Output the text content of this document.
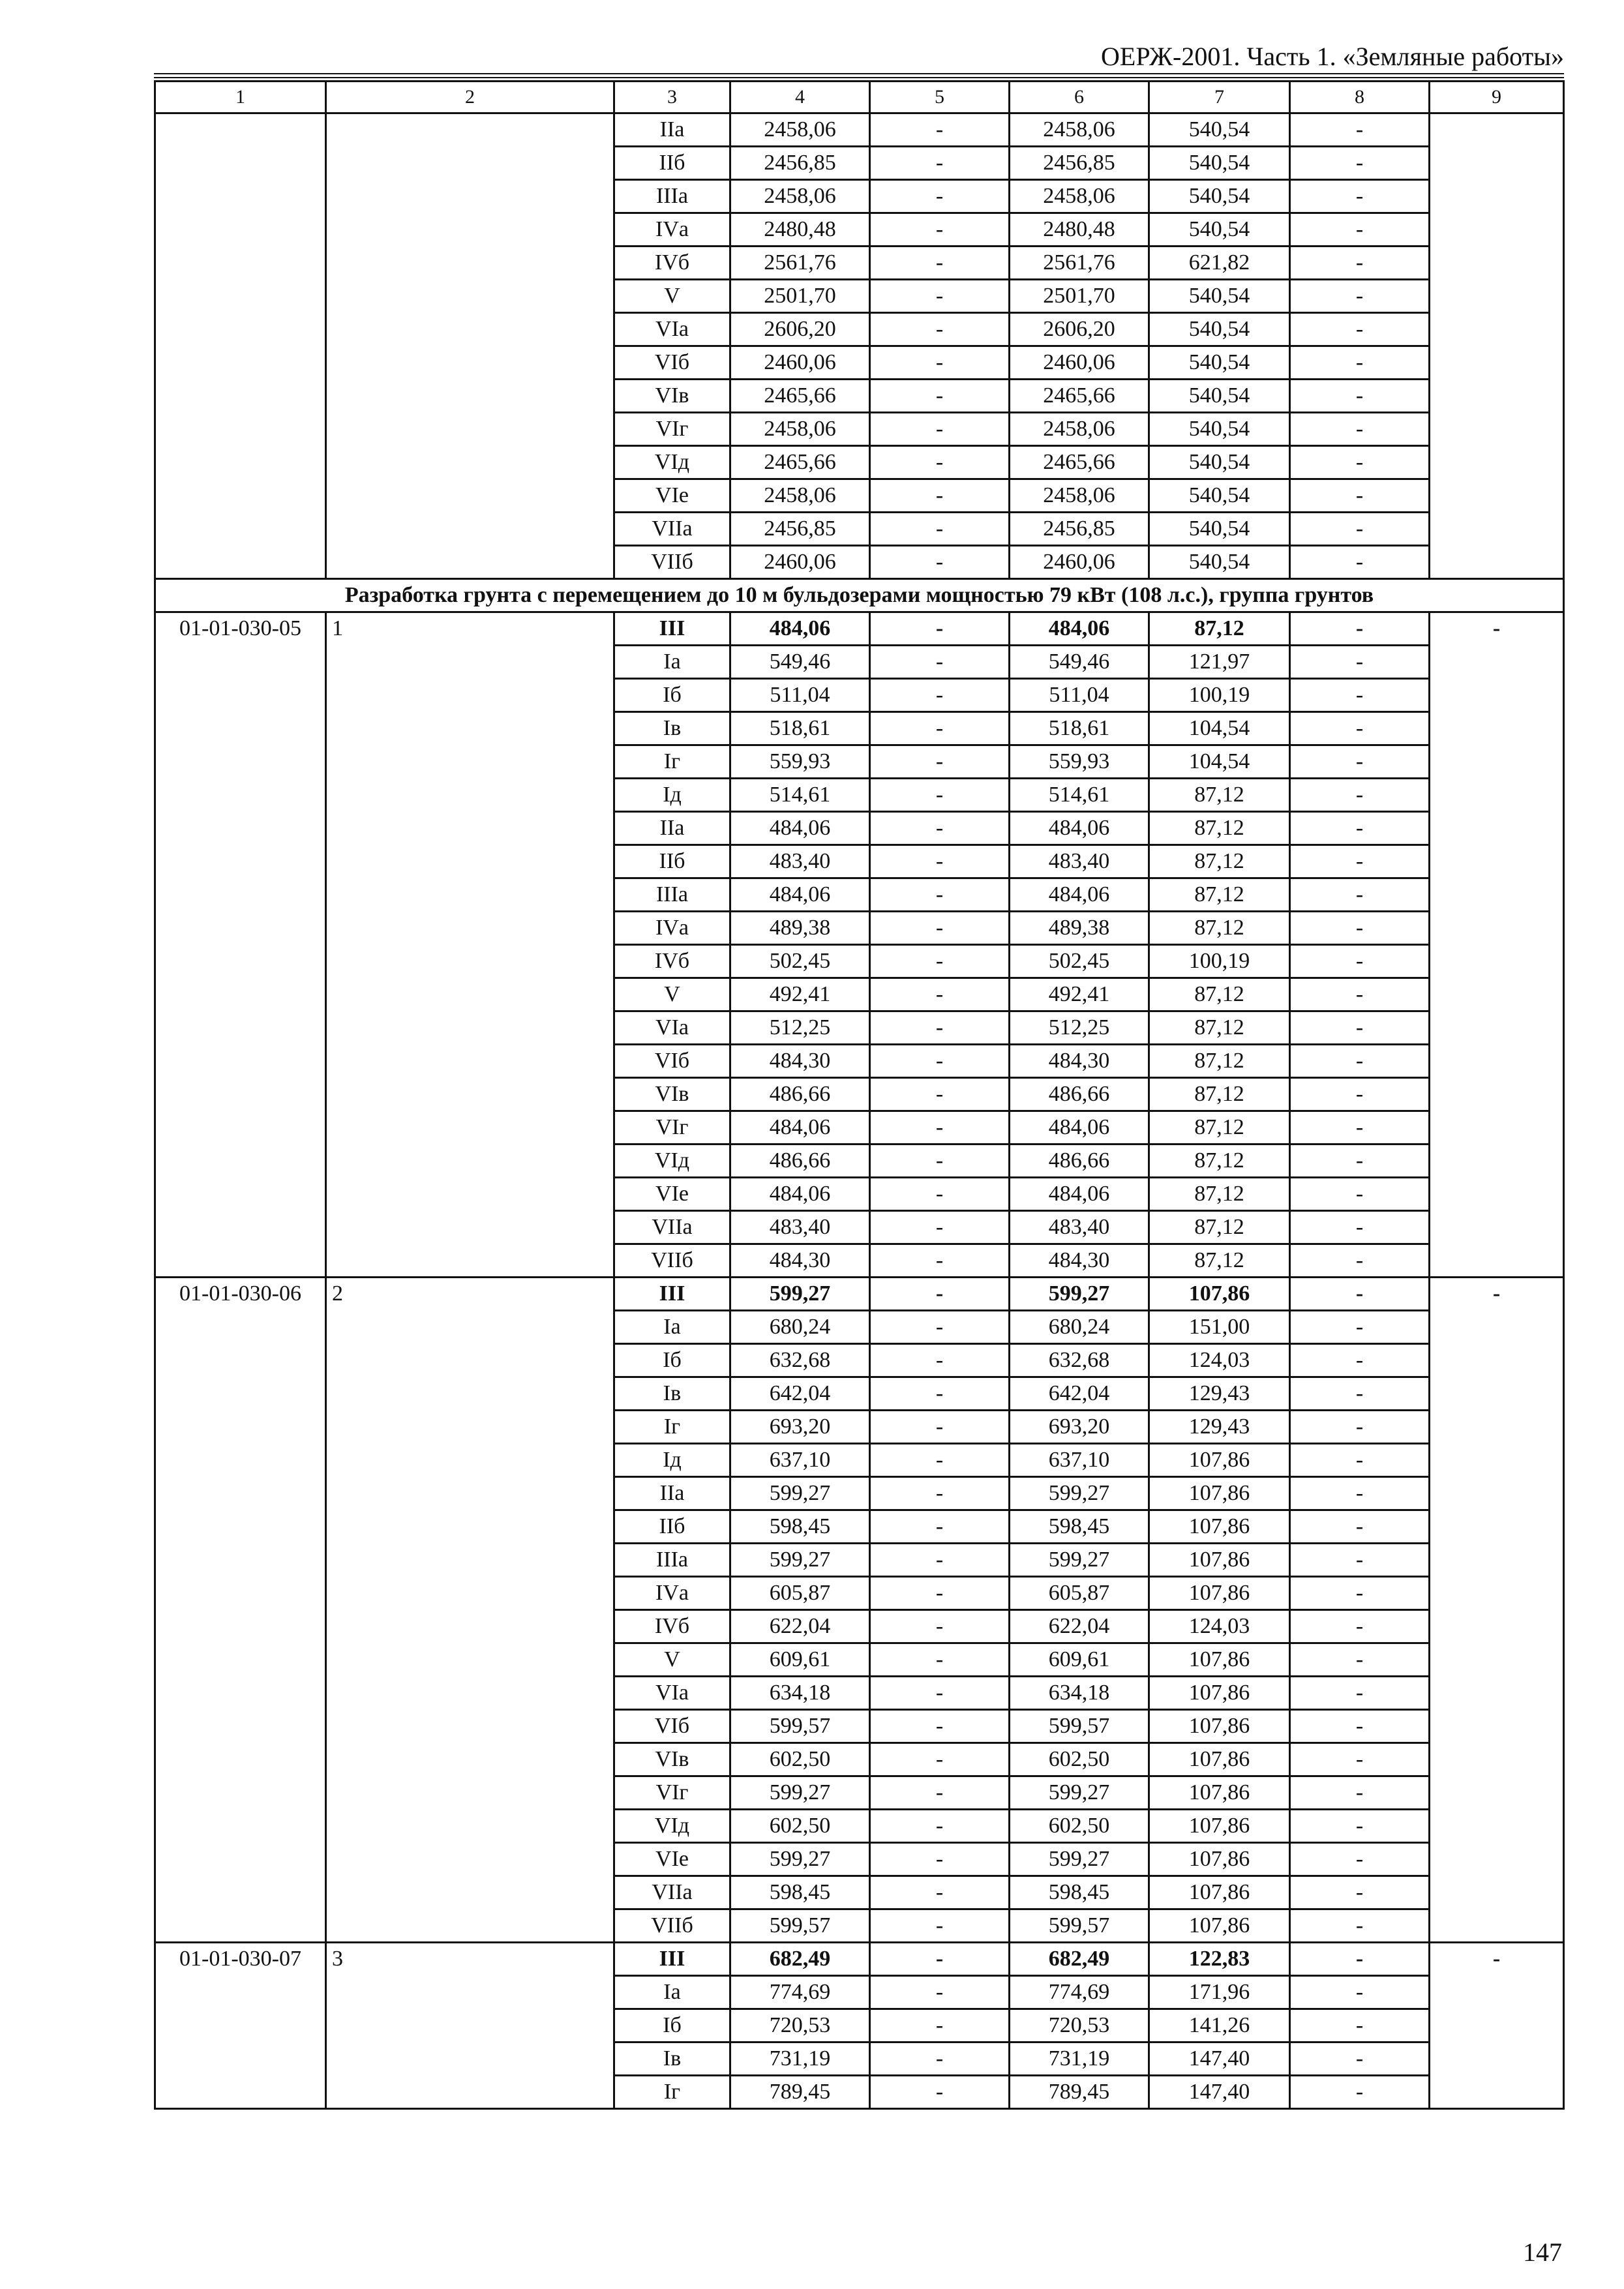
ОЕРЖ-2001. Часть 1. «Земляные работы»
1	2	3	4	5	6	7	8	9
		IIа	2458,06	-	2458,06	540,54	-	
		IIб	2456,85	-	2456,85	540,54	-	
		IIIа	2458,06	-	2458,06	540,54	-	
		IVа	2480,48	-	2480,48	540,54	-	
		IVб	2561,76	-	2561,76	621,82	-	
		V	2501,70	-	2501,70	540,54	-	
		VIа	2606,20	-	2606,20	540,54	-	
		VIб	2460,06	-	2460,06	540,54	-	
		VIв	2465,66	-	2465,66	540,54	-	
		VIг	2458,06	-	2458,06	540,54	-	
		VIд	2465,66	-	2465,66	540,54	-	
		VIе	2458,06	-	2458,06	540,54	-	
		VIIа	2456,85	-	2456,85	540,54	-	
		VIIб	2460,06	-	2460,06	540,54	-	
Разработка грунта с перемещением до 10 м бульдозерами мощностью 79 кВт (108 л.с.), группа грунтов								
01-01-030-05	1	III	484,06	-	484,06	87,12	-	-
		Iа	549,46	-	549,46	121,97	-	
		Iб	511,04	-	511,04	100,19	-	
		Iв	518,61	-	518,61	104,54	-	
		Iг	559,93	-	559,93	104,54	-	
		Iд	514,61	-	514,61	87,12	-	
		IIа	484,06	-	484,06	87,12	-	
		IIб	483,40	-	483,40	87,12	-	
		IIIа	484,06	-	484,06	87,12	-	
		IVа	489,38	-	489,38	87,12	-	
		IVб	502,45	-	502,45	100,19	-	
		V	492,41	-	492,41	87,12	-	
		VIа	512,25	-	512,25	87,12	-	
		VIб	484,30	-	484,30	87,12	-	
		VIв	486,66	-	486,66	87,12	-	
		VIг	484,06	-	484,06	87,12	-	
		VIд	486,66	-	486,66	87,12	-	
		VIе	484,06	-	484,06	87,12	-	
		VIIа	483,40	-	483,40	87,12	-	
		VIIб	484,30	-	484,30	87,12	-	
01-01-030-06	2	III	599,27	-	599,27	107,86	-	-
		Iа	680,24	-	680,24	151,00	-	
		Iб	632,68	-	632,68	124,03	-	
		Iв	642,04	-	642,04	129,43	-	
		Iг	693,20	-	693,20	129,43	-	
		Iд	637,10	-	637,10	107,86	-	
		IIа	599,27	-	599,27	107,86	-	
		IIб	598,45	-	598,45	107,86	-	
		IIIа	599,27	-	599,27	107,86	-	
		IVа	605,87	-	605,87	107,86	-	
		IVб	622,04	-	622,04	124,03	-	
		V	609,61	-	609,61	107,86	-	
		VIа	634,18	-	634,18	107,86	-	
		VIб	599,57	-	599,57	107,86	-	
		VIв	602,50	-	602,50	107,86	-	
		VIг	599,27	-	599,27	107,86	-	
		VIд	602,50	-	602,50	107,86	-	
		VIе	599,27	-	599,27	107,86	-	
		VIIа	598,45	-	598,45	107,86	-	
		VIIб	599,57	-	599,57	107,86	-	
01-01-030-07	3	III	682,49	-	682,49	122,83	-	-
		Iа	774,69	-	774,69	171,96	-	
		Iб	720,53	-	720,53	141,26	-	
		Iв	731,19	-	731,19	147,40	-	
		Iг	789,45	-	789,45	147,40	-	
147
